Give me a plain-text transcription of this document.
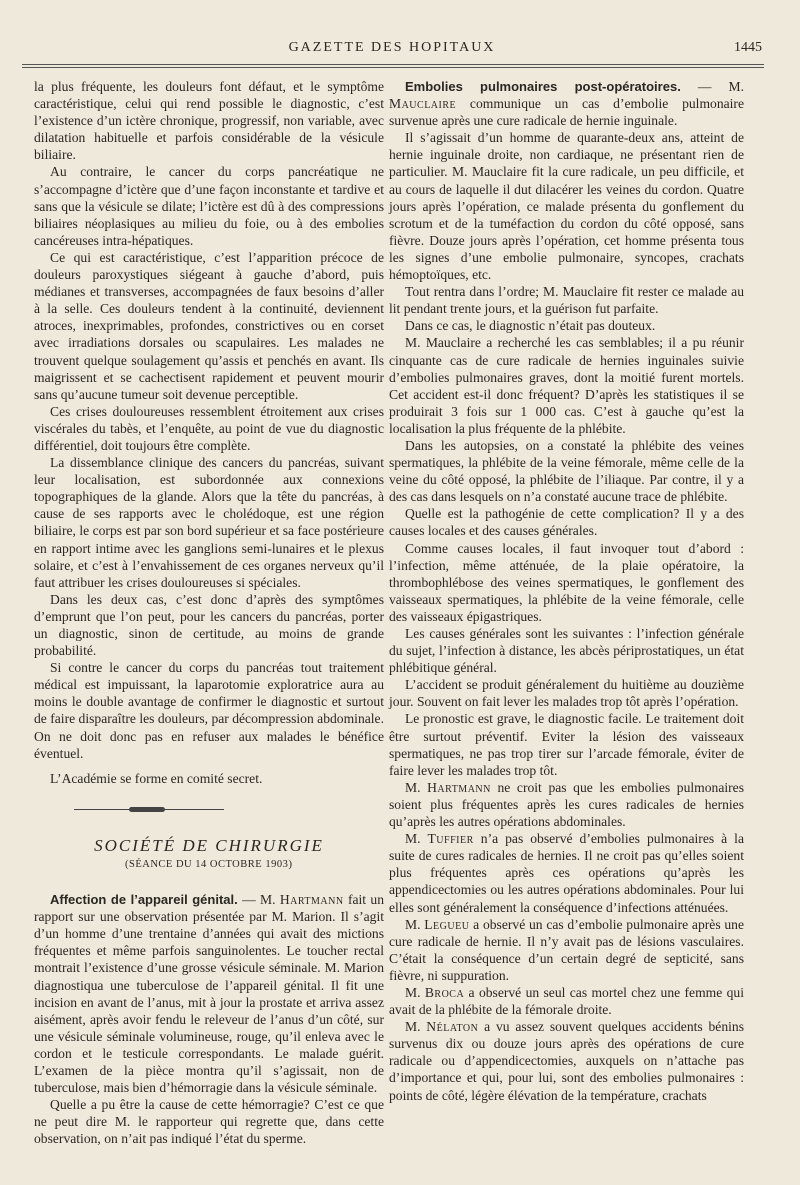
GAZETTE DES HOPITAUX	1445

la plus fréquente, les douleurs font défaut, et le symptôme caractéristique, celui qui rend possible le diagnostic, c’est l’existence d’un ictère chronique, progressif, non variable, avec dilatation habituelle et parfois considérable de la vésicule biliaire.

Au contraire, le cancer du corps pancréatique ne s’accompagne d’ictère que d’une façon inconstante et tardive et sans que la vésicule se dilate; l’ictère est dû à des compressions biliaires néoplasiques au milieu du foie, ou à des embolies cancéreuses intra-hépatiques.

Ce qui est caractéristique, c’est l’apparition précoce de douleurs paroxystiques siégeant à gauche d’abord, puis médianes et transverses, accompagnées de faux besoins d’aller à la selle. Ces douleurs tendent à la continuité, deviennent atroces, inexprimables, profondes, constrictives ou en corset avec irradiations dorsales ou scapulaires. Les malades ne trouvent quelque soulagement qu’assis et penchés en avant. Ils maigrissent et se cachectisent rapidement et peuvent mourir sans qu’aucune tumeur soit devenue perceptible.

Ces crises douloureuses ressemblent étroitement aux crises viscérales du tabès, et l’enquête, au point de vue du diagnostic différentiel, doit toujours être complète.

La dissemblance clinique des cancers du pancréas, suivant leur localisation, est subordonnée aux connexions topographiques de la glande. Alors que la tête du pancréas, à cause de ses rapports avec le cholédoque, est une région biliaire, le corps est par son bord supérieur et sa face postérieure en rapport intime avec les ganglions semi-lunaires et le plexus solaire, et c’est à l’envahissement de ces organes nerveux qu’il faut attribuer les crises douloureuses si spéciales.

Dans les deux cas, c’est donc d’après des symptômes d’emprunt que l’on peut, pour les cancers du pancréas, porter un diagnostic, sinon de certitude, au moins de grande probabilité.

Si contre le cancer du corps du pancréas tout traitement médical est impuissant, la laparotomie exploratrice aura au moins le double avantage de confirmer le diagnostic et surtout de faire disparaître les douleurs, par décompression abdominale. On ne doit donc pas en refuser aux malades le bénéfice éventuel.

L’Académie se forme en comité secret.

SOCIÉTÉ DE CHIRURGIE
(SÉANCE DU 14 OCTOBRE 1903)

Affection de l’appareil génital. — M. Hartmann fait un rapport sur une observation présentée par M. Marion. Il s’agit d’un homme d’une trentaine d’années qui avait des mictions fréquentes et même parfois sanguinolentes. Le toucher rectal montrait l’existence d’une grosse vésicule séminale. M. Marion diagnostiqua une tuberculose de l’appareil génital. Il fit une incision en avant de l’anus, mit à jour la prostate et arriva assez aisément, après avoir fendu le releveur de l’anus d’un côté, sur une vésicule séminale volumineuse, rouge, qu’il enleva avec le cordon et le testicule correspondants. Le malade guérit. L’examen de la pièce montra qu’il s’agissait, non de tuberculose, mais bien d’hémorragie dans la vésicule séminale.

Quelle a pu être la cause de cette hémorragie? C’est ce que ne peut dire M. le rapporteur qui regrette que, dans cette observation, on n’ait pas indiqué l’état du sperme.

Embolies pulmonaires post-opératoires. — M. Mauclaire communique un cas d’embolie pulmonaire survenue après une cure radicale de hernie inguinale.

Il s’agissait d’un homme de quarante-deux ans, atteint de hernie inguinale droite, non cardiaque, ne présentant rien de particulier. M. Mauclaire fit la cure radicale, un peu difficile, et au cours de laquelle il dut dilacérer les veines du cordon. Quatre jours après l’opération, ce malade présenta du gonflement du scrotum et de la tuméfaction du cordon du côté opposé, sans fièvre. Douze jours après l’opération, cet homme présenta tous les signes d’une embolie pulmonaire, syncopes, crachats hémoptoïques, etc.

Tout rentra dans l’ordre; M. Mauclaire fit rester ce malade au lit pendant trente jours, et la guérison fut parfaite.

Dans ce cas, le diagnostic n’était pas douteux.

M. Mauclaire a recherché les cas semblables; il a pu réunir cinquante cas de cure radicale de hernies inguinales suivie d’embolies pulmonaires graves, dont la moitié furent mortels. Cet accident est-il donc fréquent? D’après les statistiques il se produirait 3 fois sur 1 000 cas. C’est à gauche qu’est la localisation la plus fréquente de la phlébite.

Dans les autopsies, on a constaté la phlébite des veines spermatiques, la phlébite de la veine fémorale, même celle de la veine du côté opposé, la phlébite de l’iliaque. Par contre, il y a des cas dans lesquels on n’a constaté aucune trace de phlébite.

Quelle est la pathogénie de cette complication? Il y a des causes locales et des causes générales.

Comme causes locales, il faut invoquer tout d’abord : l’infection, même atténuée, de la plaie opératoire, la thrombophlébose des veines spermatiques, le gonflement des vaisseaux spermatiques, la phlébite de la veine fémorale, celle des vaisseaux épigastriques.

Les causes générales sont les suivantes : l’infection générale du sujet, l’infection à distance, les abcès périprostatiques, un état phlébitique général.

L’accident se produit généralement du huitième au douzième jour. Souvent on fait lever les malades trop tôt après l’opération.

Le pronostic est grave, le diagnostic facile. Le traitement doit être surtout préventif. Eviter la lésion des vaisseaux spermatiques, ne pas trop tirer sur l’arcade fémorale, éviter de faire lever les malades trop tôt.

M. Hartmann ne croit pas que les embolies pulmonaires soient plus fréquentes après les cures radicales de hernies qu’après les autres opérations abdominales.

M. Tuffier n’a pas observé d’embolies pulmonaires à la suite de cures radicales de hernies. Il ne croit pas qu’elles soient plus fréquentes après ces opérations qu’après les appendicectomies ou les autres opérations abdominales. Pour lui elles sont généralement la conséquence d’infections atténuées.

M. Legueu a observé un cas d’embolie pulmonaire après une cure radicale de hernie. Il n’y avait pas de lésions vasculaires. C’était la conséquence d’un certain degré de septicité, sans fièvre, ni suppuration.

M. Broca a observé un seul cas mortel chez une femme qui avait de la phlébite de la fémorale droite.

M. Nélaton a vu assez souvent quelques accidents bénins survenus dix ou douze jours après des opérations de cure radicale ou d’appendicectomies, auxquels on n’attache pas d’importance et qui, pour lui, sont des embolies pulmonaires : points de côté, légère élévation de la température, crachats
